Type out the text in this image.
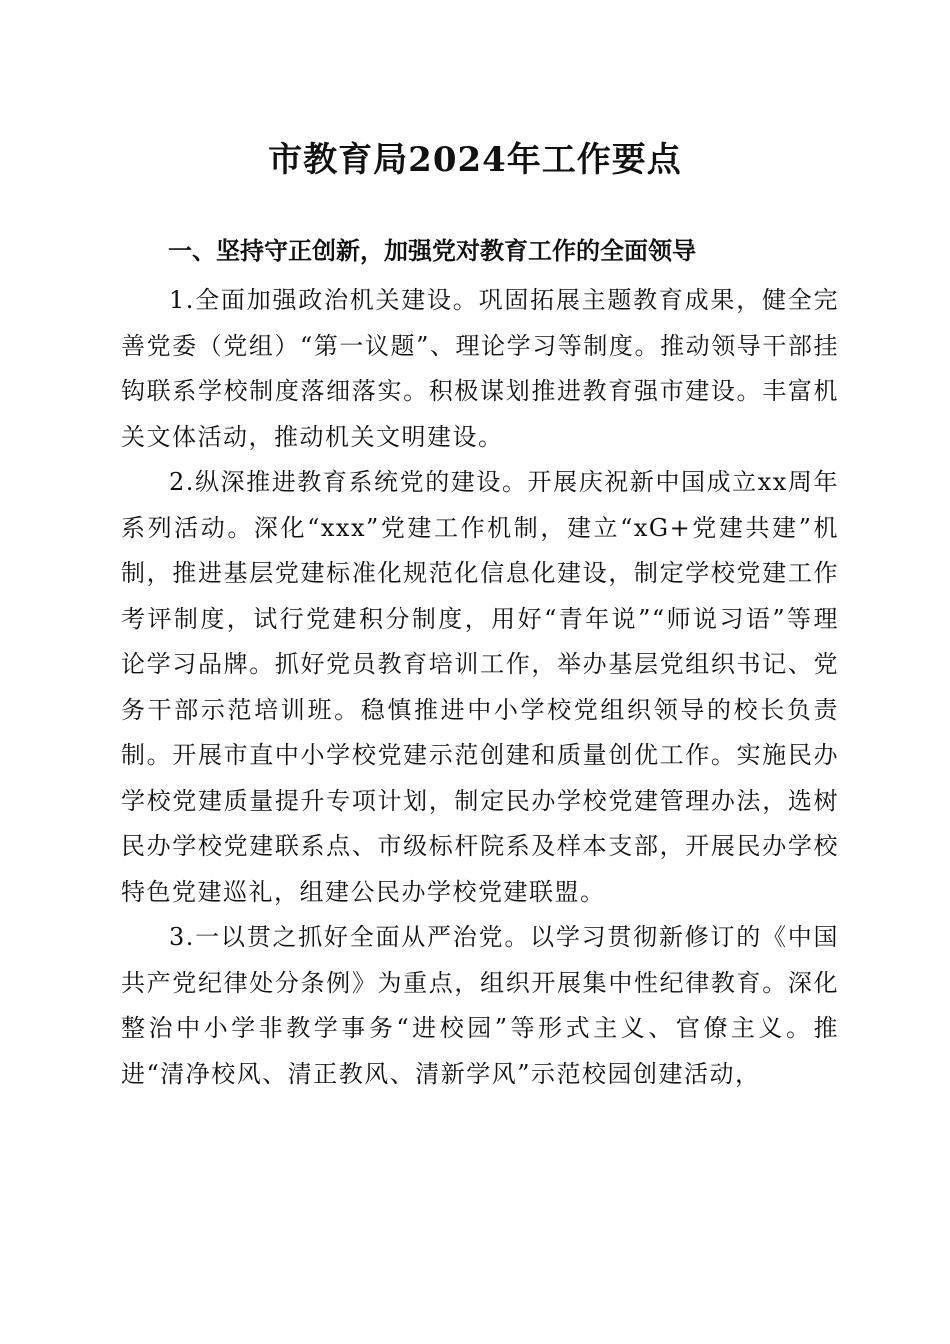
市教育局2024年工作要点
一、坚持守正创新，加强党对教育工作的全面领导

1.全面加强政治机关建设。巩固拓展主题教育成果，健全完善党委（党组）“第一议题”、理论学习等制度。推动领导干部挂钩联系学校制度落细落实。积极谋划推进教育强市建设。丰富机关文体活动，推动机关文明建设。

2.纵深推进教育系统党的建设。开展庆祝新中国成立xx周年系列活动。深化“xxx”党建工作机制，建立“xG+党建共建”机制，推进基层党建标准化规范化信息化建设，制定学校党建工作考评制度，试行党建积分制度，用好“青年说”“师说习语”等理论学习品牌。抓好党员教育培训工作，举办基层党组织书记、党务干部示范培训班。稳慎推进中小学校党组织领导的校长负责制。开展市直中小学校党建示范创建和质量创优工作。实施民办学校党建质量提升专项计划，制定民办学校党建管理办法，选树民办学校党建联系点、市级标杆院系及样本支部，开展民办学校特色党建巡礼，组建公民办学校党建联盟。

3.一以贯之抓好全面从严治党。以学习贯彻新修订的《中国共产党纪律处分条例》为重点，组织开展集中性纪律教育。深化整治中小学非教学事务“进校园”等形式主义、官僚主义。推进“清净校风、清正教风、清新学风”示范校园创建活动，
